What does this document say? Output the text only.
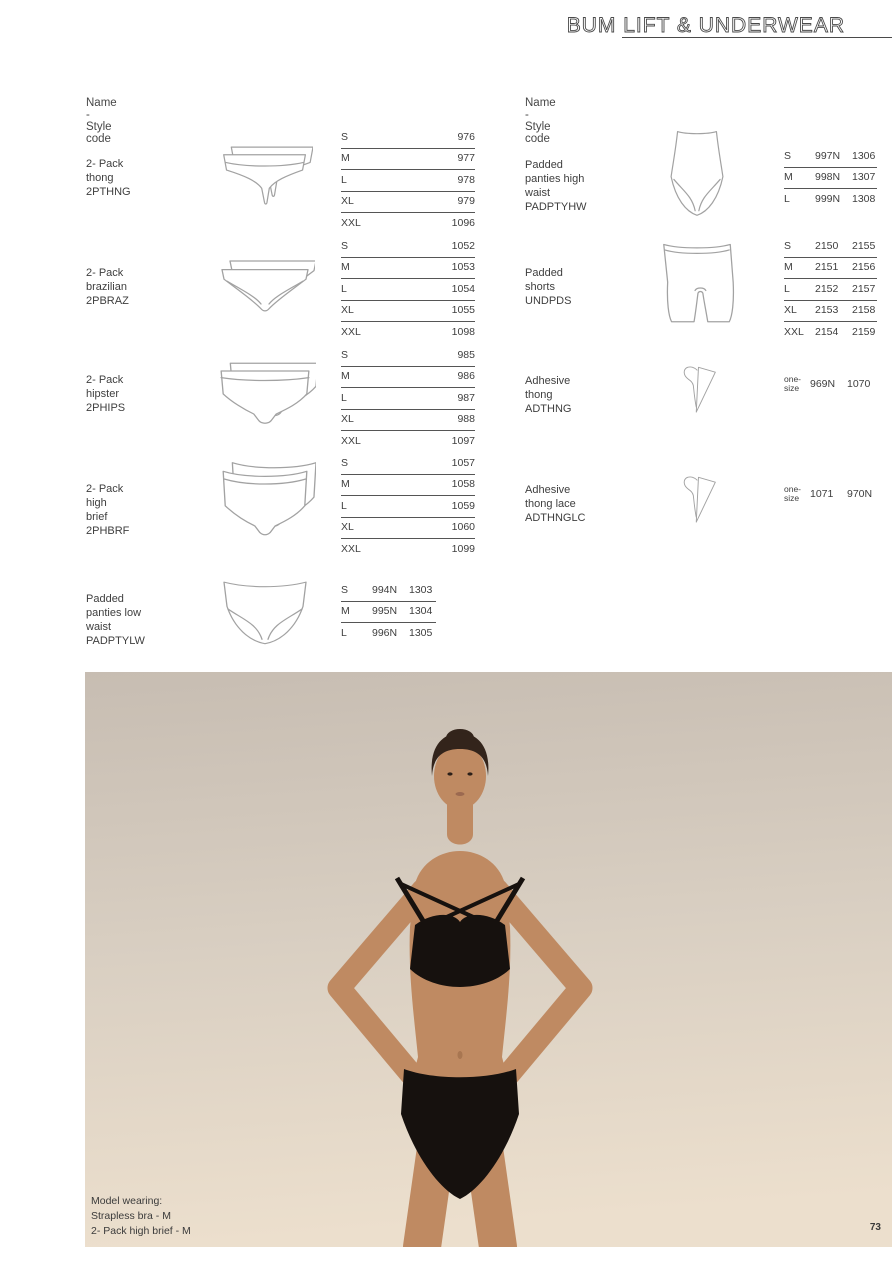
BUM LIFT & UNDERWEAR
Name - Style code
2- Pack thong
2PTHNG
S	976
M	977
L	978
XL	979
XXL	1096
2- Pack brazilian
2PBRAZ
S	1052
M	1053
L	1054
XL	1055
XXL	1098
2- Pack hipster
2PHIPS
S	985
M	986
L	987
XL	988
XXL	1097
2- Pack high brief
2PHBRF
S	1057
M	1058
L	1059
XL	1060
XXL	1099
Padded panties low waist
PADPTYLW
S	994N	1303
M	995N	1304
L	996N	1305
Name - Style code
Padded panties high waist
PADPTYHW
S	997N	1306
M	998N	1307
L	999N	1308
Padded shorts
UNDPDS
S	2150	2155
M	2151	2156
L	2152	2157
XL	2153	2158
XXL	2154	2159
Adhesive thong
ADTHNG
one-
size	969N	1070
Adhesive thong lace
ADTHNGLC
one-
size	1071	970N
Model wearing:
Strapless bra - M
2- Pack high brief - M	73
